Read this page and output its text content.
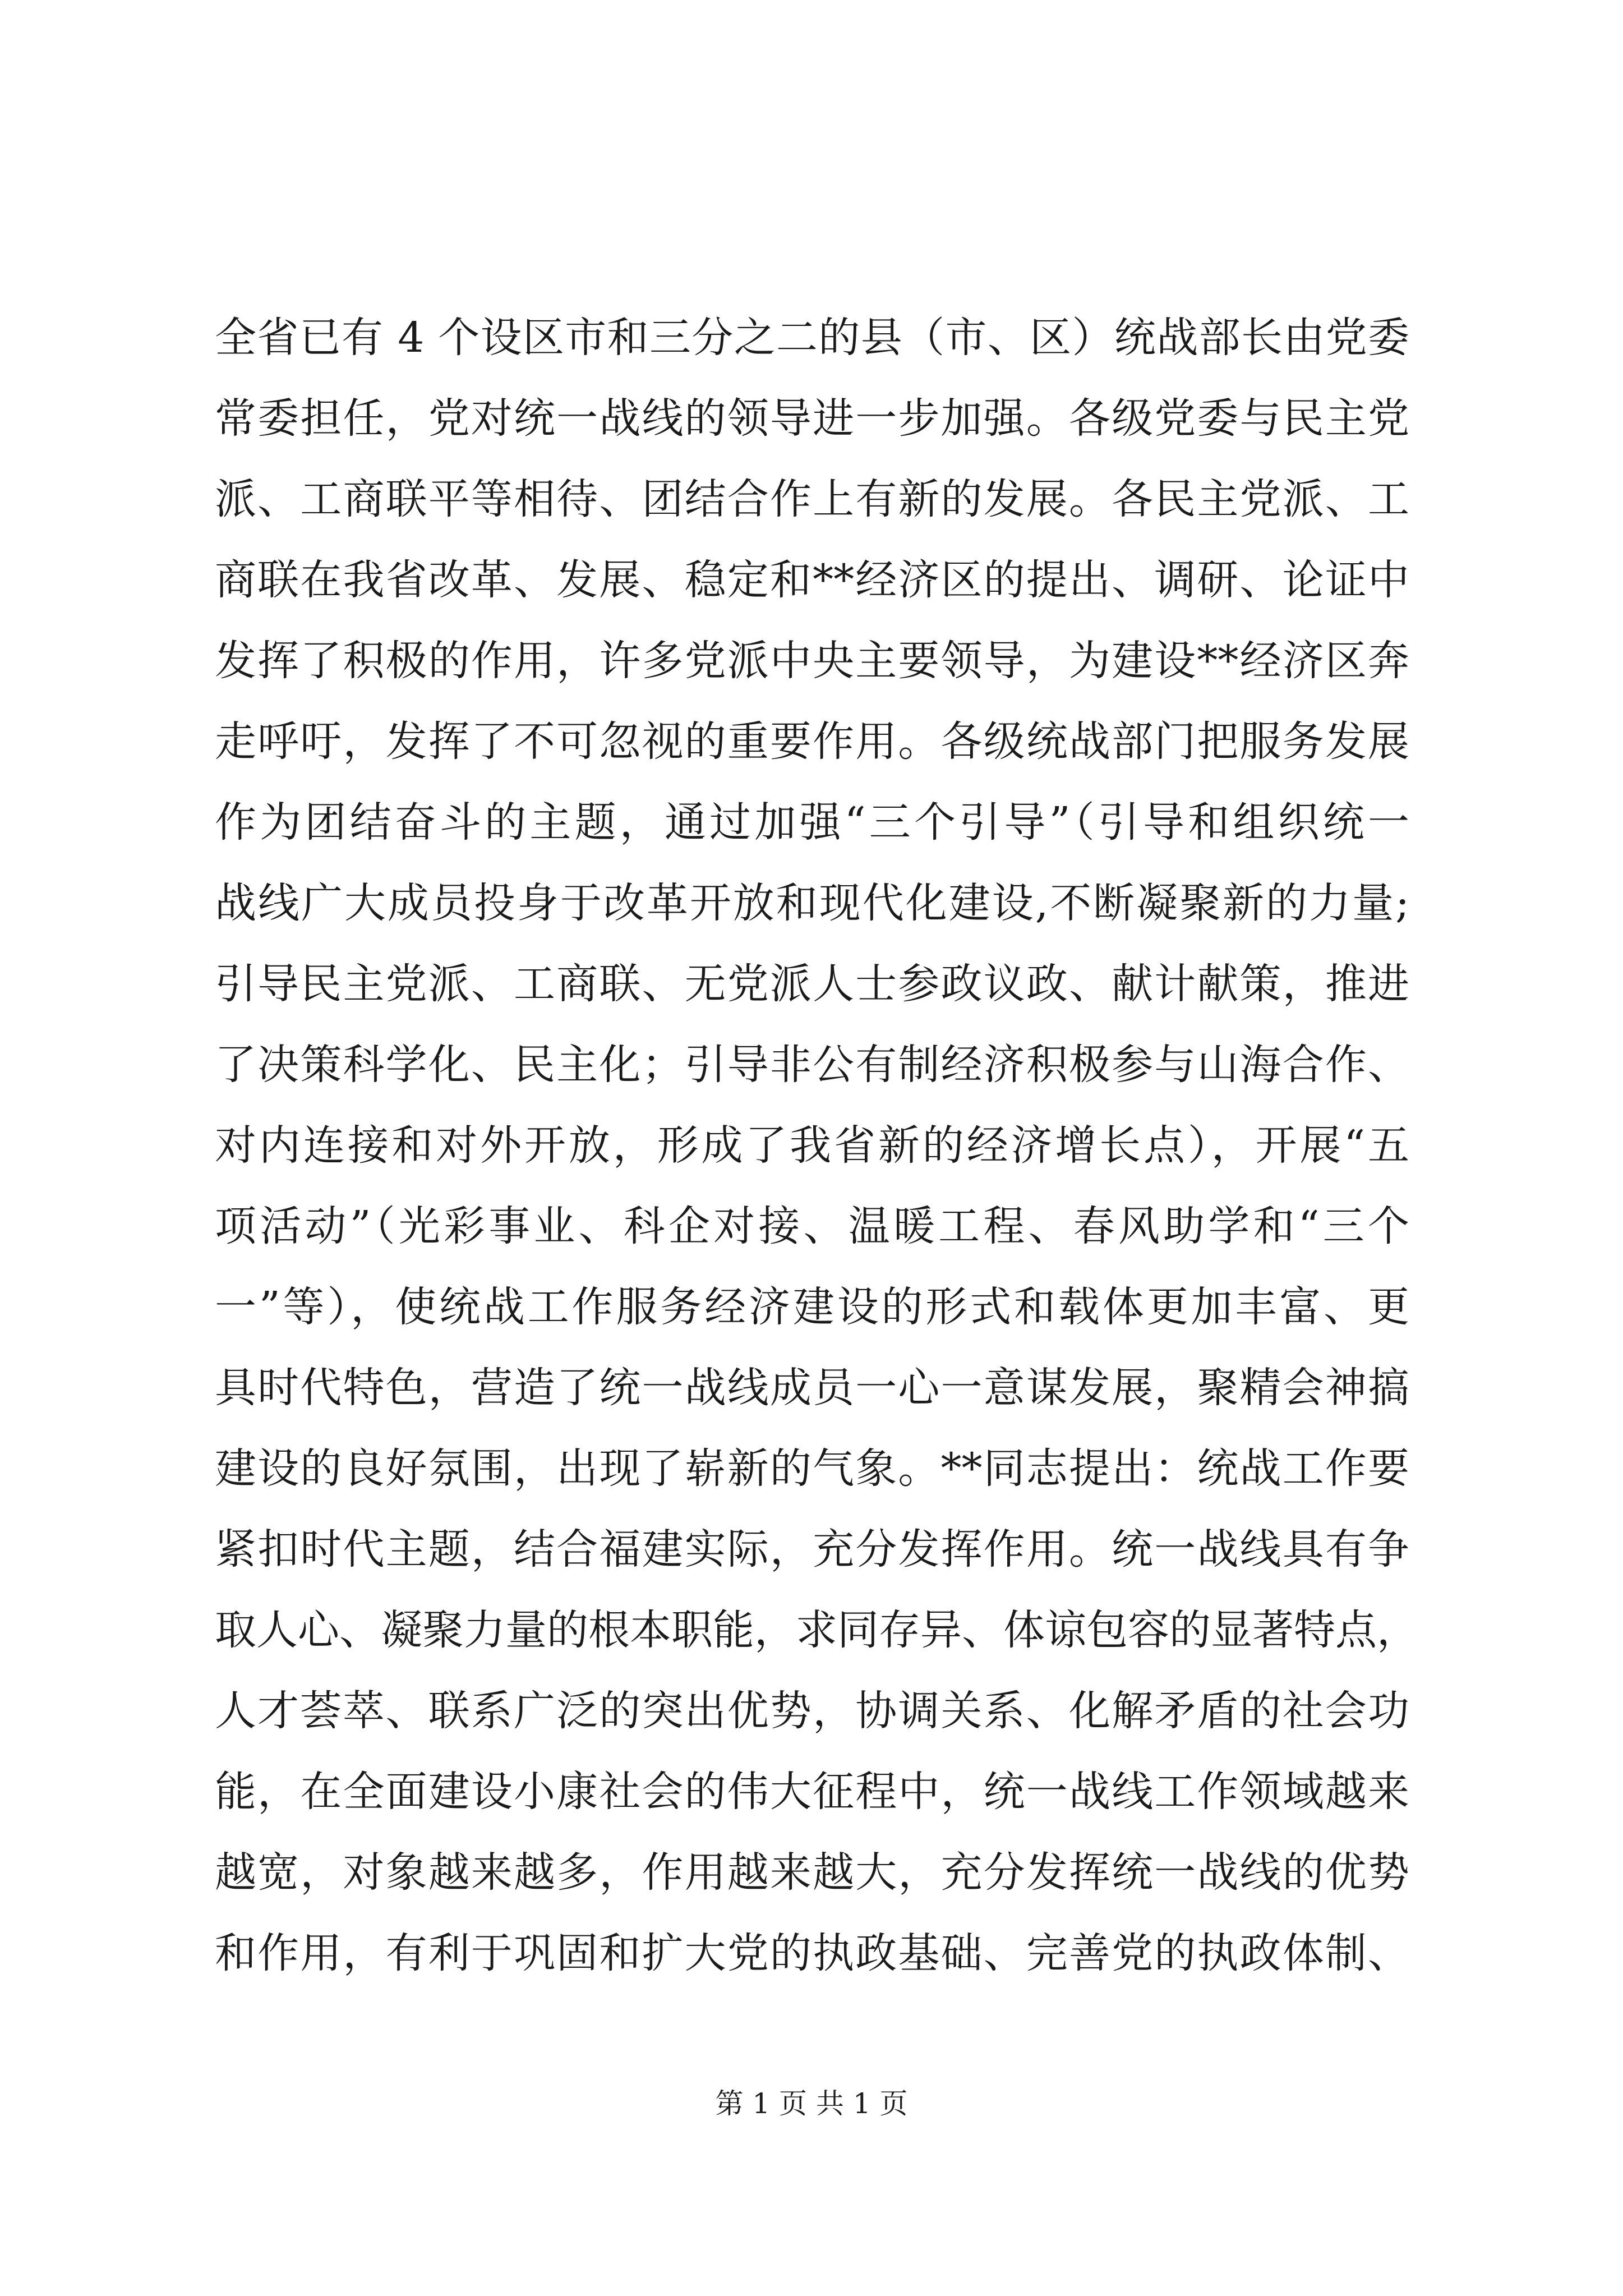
全省已有 4 个设区市和三分之二的县（市、区）统战部长由党委
常委担任，党对统一战线的领导进一步加强。各级党委与民主党
派、工商联平等相待、团结合作上有新的发展。各民主党派、工
商联在我省改革、发展、稳定和**经济区的提出、调研、论证中
发挥了积极的作用，许多党派中央主要领导，为建设**经济区奔
走呼吁，发挥了不可忽视的重要作用。各级统战部门把服务发展
作为团结奋斗的主题，通过加强“三个引导”（引导和组织统一
战线广大成员投身于改革开放和现代化建设,不断凝聚新的力量;
引导民主党派、工商联、无党派人士参政议政、献计献策，推进
了决策科学化、民主化；引导非公有制经济积极参与山海合作、
对内连接和对外开放，形成了我省新的经济增长点），开展“五
项活动”（光彩事业、科企对接、温暖工程、春风助学和“三个
一”等），使统战工作服务经济建设的形式和载体更加丰富、更
具时代特色，营造了统一战线成员一心一意谋发展，聚精会神搞
建设的良好氛围，出现了崭新的气象。**同志提出：统战工作要
紧扣时代主题，结合福建实际，充分发挥作用。统一战线具有争
取人心、凝聚力量的根本职能，求同存异、体谅包容的显著特点，
人才荟萃、联系广泛的突出优势，协调关系、化解矛盾的社会功
能，在全面建设小康社会的伟大征程中，统一战线工作领域越来
越宽，对象越来越多，作用越来越大，充分发挥统一战线的优势
和作用，有利于巩固和扩大党的执政基础、完善党的执政体制、
第 1 页 共 1 页
